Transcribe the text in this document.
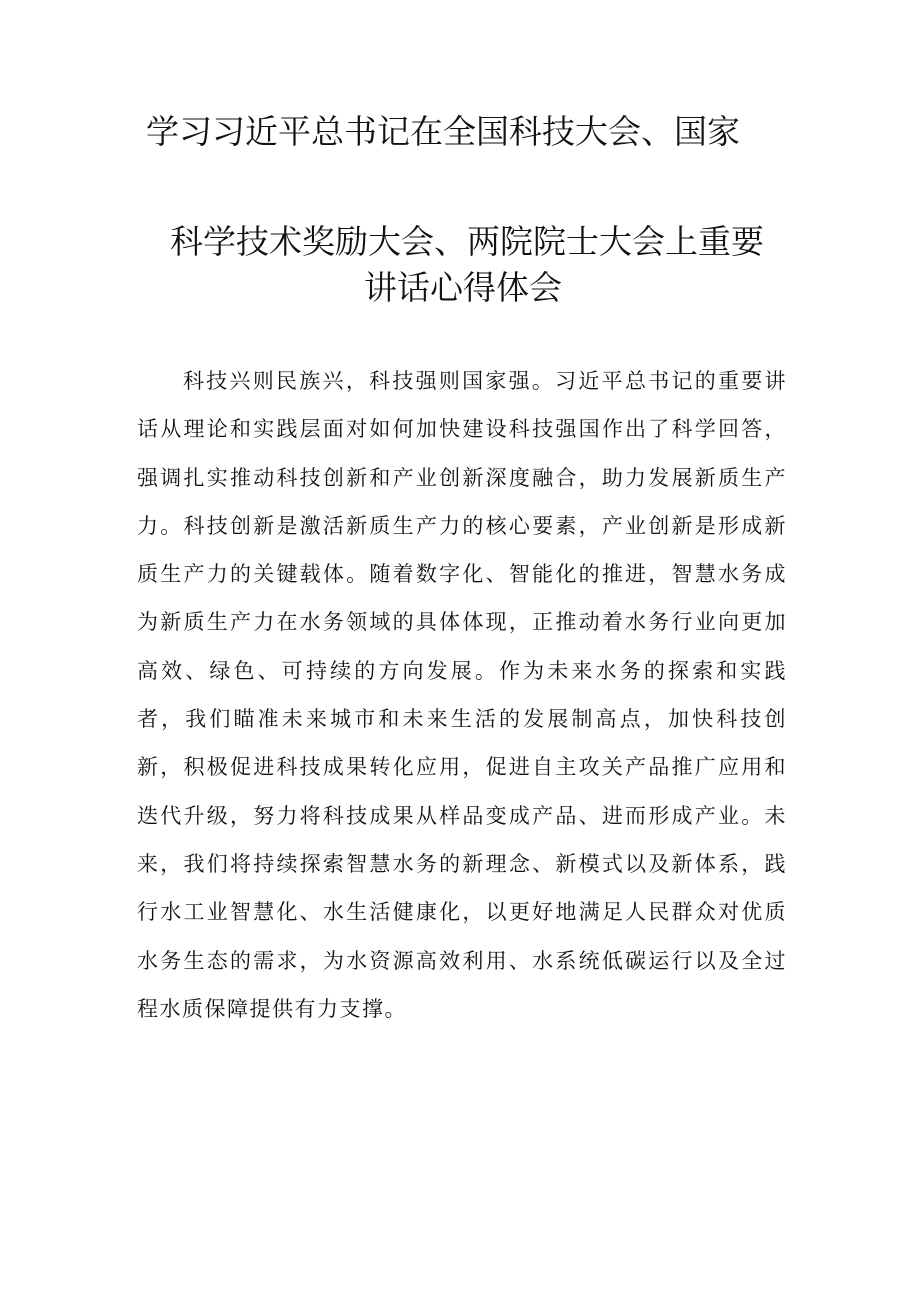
学习习近平总书记在全国科技大会、国家
科学技术奖励大会、两院院士大会上重要
讲话心得体会

科技兴则民族兴，科技强则国家强。习近平总书记的重要讲话从理论和实践层面对如何加快建设科技强国作出了科学回答，强调扎实推动科技创新和产业创新深度融合，助力发展新质生产力。科技创新是激活新质生产力的核心要素，产业创新是形成新质生产力的关键载体。随着数字化、智能化的推进，智慧水务成为新质生产力在水务领域的具体体现，正推动着水务行业向更加高效、绿色、可持续的方向发展。作为未来水务的探索和实践者，我们瞄准未来城市和未来生活的发展制高点，加快科技创新，积极促进科技成果转化应用，促进自主攻关产品推广应用和迭代升级，努力将科技成果从样品变成产品、进而形成产业。未来，我们将持续探索智慧水务的新理念、新模式以及新体系，践行水工业智慧化、水生活健康化，以更好地满足人民群众对优质水务生态的需求，为水资源高效利用、水系统低碳运行以及全过程水质保障提供有力支撑。
